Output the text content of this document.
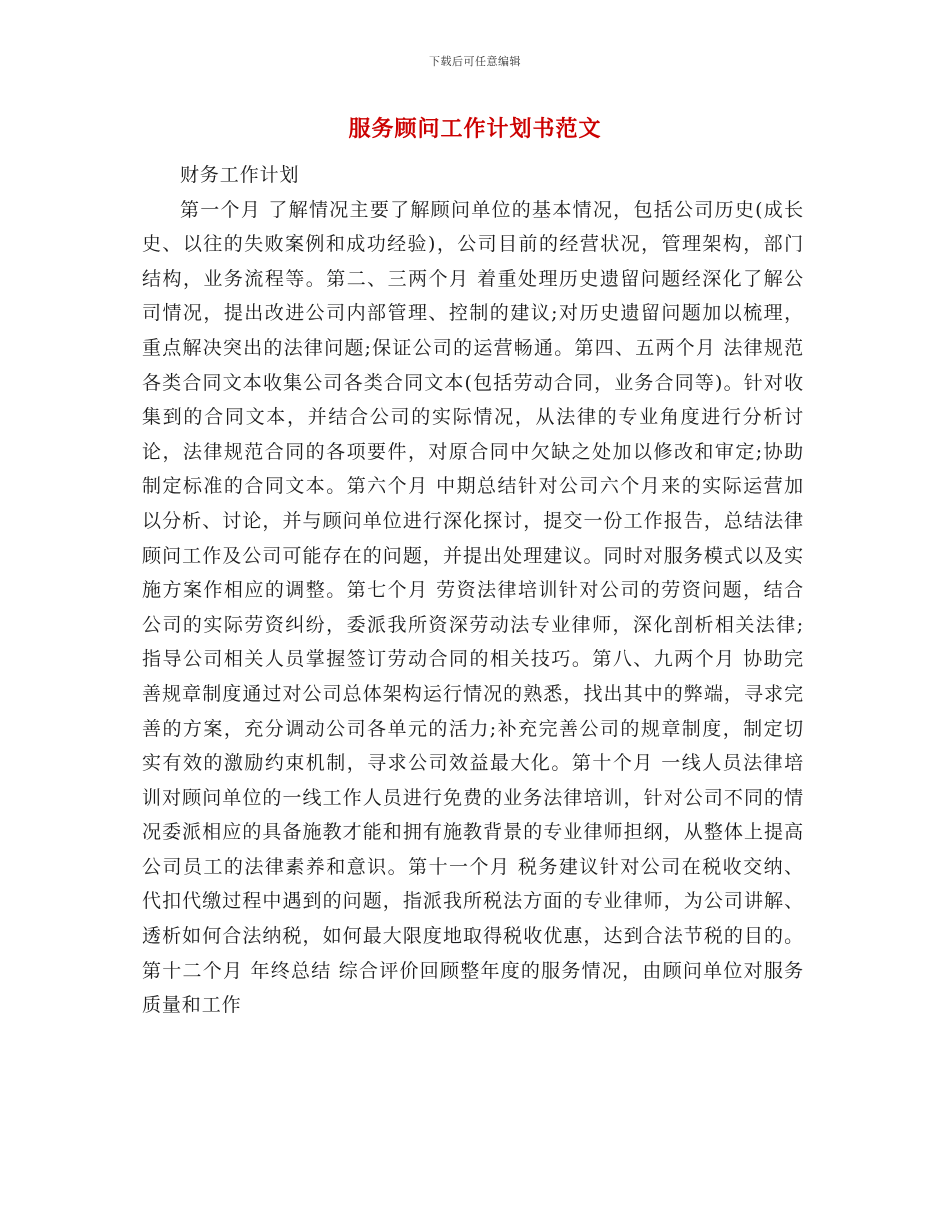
下载后可任意编辑
服务顾问工作计划书范文

财务工作计划

第一个月 了解情况主要了解顾问单位的基本情况，包括公司历史(成长史、以往的失败案例和成功经验)，公司目前的经营状况，管理架构，部门结构，业务流程等。第二、三两个月 着重处理历史遗留问题经深化了解公司情况，提出改进公司内部管理、控制的建议;对历史遗留问题加以梳理，重点解决突出的法律问题;保证公司的运营畅通。第四、五两个月 法律规范各类合同文本收集公司各类合同文本(包括劳动合同，业务合同等)。针对收集到的合同文本，并结合公司的实际情况，从法律的专业角度进行分析讨论，法律规范合同的各项要件，对原合同中欠缺之处加以修改和审定;协助制定标准的合同文本。第六个月 中期总结针对公司六个月来的实际运营加以分析、讨论，并与顾问单位进行深化探讨，提交一份工作报告，总结法律顾问工作及公司可能存在的问题，并提出处理建议。同时对服务模式以及实施方案作相应的调整。第七个月 劳资法律培训针对公司的劳资问题，结合公司的实际劳资纠纷，委派我所资深劳动法专业律师，深化剖析相关法律;指导公司相关人员掌握签订劳动合同的相关技巧。第八、九两个月 协助完善规章制度通过对公司总体架构运行情况的熟悉，找出其中的弊端，寻求完善的方案，充分调动公司各单元的活力;补充完善公司的规章制度，制定切实有效的激励约束机制，寻求公司效益最大化。第十个月 一线人员法律培训对顾问单位的一线工作人员进行免费的业务法律培训，针对公司不同的情况委派相应的具备施教才能和拥有施教背景的专业律师担纲，从整体上提高公司员工的法律素养和意识。第十一个月 税务建议针对公司在税收交纳、代扣代缴过程中遇到的问题，指派我所税法方面的专业律师，为公司讲解、透析如何合法纳税，如何最大限度地取得税收优惠，达到合法节税的目的。第十二个月 年终总结 综合评价回顾整年度的服务情况，由顾问单位对服务质量和工作
